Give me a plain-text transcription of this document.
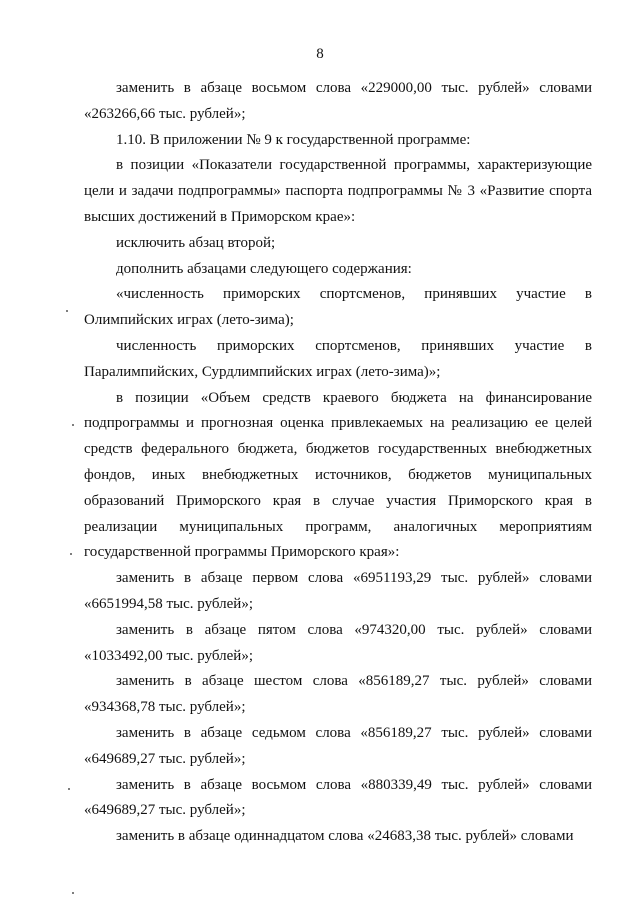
8

заменить в абзаце восьмом слова «229000,00 тыс. рублей» словами «263266,66 тыс. рублей»;

1.10. В приложении № 9 к государственной программе:

в позиции «Показатели государственной программы, характеризующие цели и задачи подпрограммы» паспорта подпрограммы № 3 «Развитие спорта высших достижений в Приморском крае»:

исключить абзац второй;

дополнить абзацами следующего содержания:

«численность приморских спортсменов, принявших участие в Олимпийских играх (лето-зима);

численность приморских спортсменов, принявших участие в Паралимпийских, Сурдлимпийских играх (лето-зима)»;

в позиции «Объем средств краевого бюджета на финансирование подпрограммы и прогнозная оценка привлекаемых на реализацию ее целей средств федерального бюджета, бюджетов государственных внебюджетных фондов, иных внебюджетных источников, бюджетов муниципальных образований Приморского края в случае участия Приморского края в реализации муниципальных программ, аналогичных мероприятиям государственной программы Приморского края»:

заменить в абзаце первом слова «6951193,29 тыс. рублей» словами «6651994,58 тыс. рублей»;

заменить в абзаце пятом слова «974320,00 тыс. рублей» словами «1033492,00 тыс. рублей»;

заменить в абзаце шестом слова «856189,27 тыс. рублей» словами «934368,78 тыс. рублей»;

заменить в абзаце седьмом слова «856189,27 тыс. рублей» словами «649689,27 тыс. рублей»;

заменить в абзаце восьмом слова «880339,49 тыс. рублей» словами «649689,27 тыс. рублей»;

заменить в абзаце одиннадцатом слова «24683,38 тыс. рублей» словами
